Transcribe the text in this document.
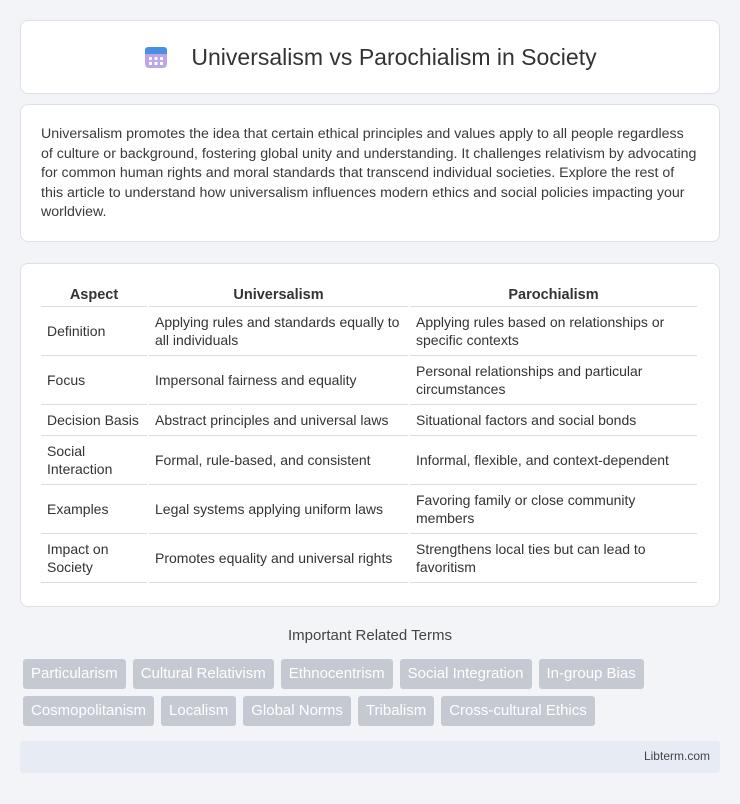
Universalism vs Parochialism in Society

Universalism promotes the idea that certain ethical principles and values apply to all people regardless of culture or background, fostering global unity and understanding. It challenges relativism by advocating for common human rights and moral standards that transcend individual societies. Explore the rest of this article to understand how universalism influences modern ethics and social policies impacting your worldview.

Aspect	Universalism	Parochialism
Definition	Applying rules and standards equally to all individuals	Applying rules based on relationships or specific contexts
Focus	Impersonal fairness and equality	Personal relationships and particular circumstances
Decision Basis	Abstract principles and universal laws	Situational factors and social bonds
Social Interaction	Formal, rule-based, and consistent	Informal, flexible, and context-dependent
Examples	Legal systems applying uniform laws	Favoring family or close community members
Impact on Society	Promotes equality and universal rights	Strengthens local ties but can lead to favoritism
Important Related Terms
Particularism	Cultural Relativism	Ethnocentrism	Social Integration	In-group Bias
Cosmopolitanism	Localism	Global Norms	Tribalism	Cross-cultural Ethics
Libterm.com
